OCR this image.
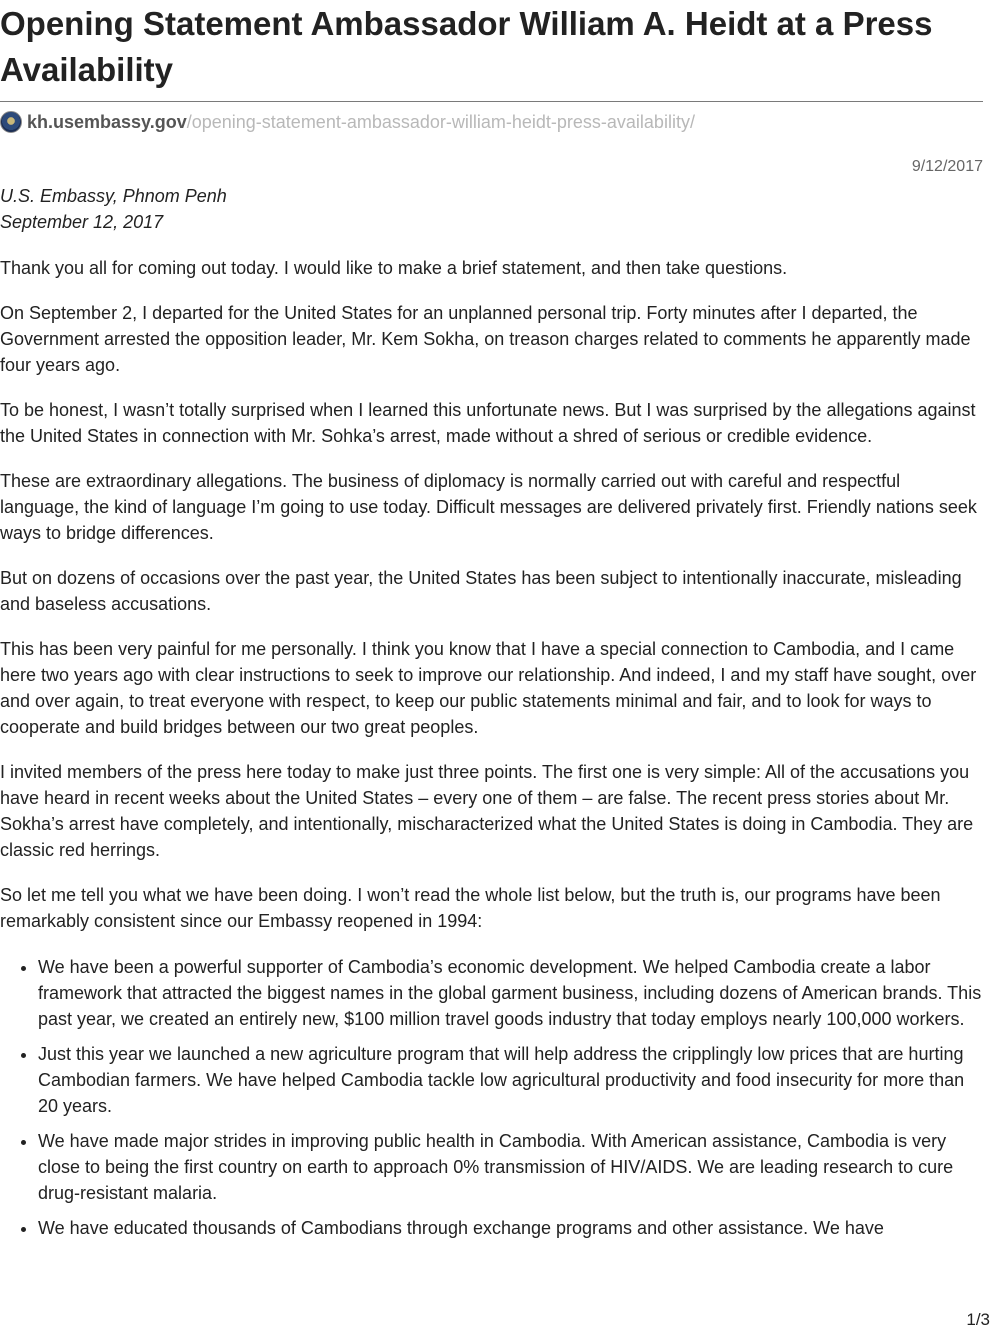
Opening Statement Ambassador William A. Heidt at a Press Availability
kh.usembassy.gov /opening-statement-ambassador-william-heidt-press-availability/
9/12/2017
U.S. Embassy, Phnom Penh
September 12, 2017

Thank you all for coming out today. I would like to make a brief statement, and then take questions.

On September 2, I departed for the United States for an unplanned personal trip. Forty minutes after I departed, the Government arrested the opposition leader, Mr. Kem Sokha, on treason charges related to comments he apparently made four years ago.

To be honest, I wasn’t totally surprised when I learned this unfortunate news. But I was surprised by the allegations against the United States in connection with Mr. Sohka’s arrest, made without a shred of serious or credible evidence.

These are extraordinary allegations. The business of diplomacy is normally carried out with careful and respectful language, the kind of language I’m going to use today. Difficult messages are delivered privately first. Friendly nations seek ways to bridge differences.

But on dozens of occasions over the past year, the United States has been subject to intentionally inaccurate, misleading and baseless accusations.

This has been very painful for me personally. I think you know that I have a special connection to Cambodia, and I came here two years ago with clear instructions to seek to improve our relationship. And indeed, I and my staff have sought, over and over again, to treat everyone with respect, to keep our public statements minimal and fair, and to look for ways to cooperate and build bridges between our two great peoples.

I invited members of the press here today to make just three points. The first one is very simple: All of the accusations you have heard in recent weeks about the United States – every one of them – are false. The recent press stories about Mr. Sokha’s arrest have completely, and intentionally, mischaracterized what the United States is doing in Cambodia. They are classic red herrings.

So let me tell you what we have been doing. I won’t read the whole list below, but the truth is, our programs have been remarkably consistent since our Embassy reopened in 1994:

• We have been a powerful supporter of Cambodia’s economic development. We helped Cambodia create a labor framework that attracted the biggest names in the global garment business, including dozens of American brands. This past year, we created an entirely new, $100 million travel goods industry that today employs nearly 100,000 workers.
• Just this year we launched a new agriculture program that will help address the cripplingly low prices that are hurting Cambodian farmers. We have helped Cambodia tackle low agricultural productivity and food insecurity for more than 20 years.
• We have made major strides in improving public health in Cambodia. With American assistance, Cambodia is very close to being the first country on earth to approach 0% transmission of HIV/AIDS. We are leading research to cure drug-resistant malaria.
• We have educated thousands of Cambodians through exchange programs and other assistance. We have
1/3
